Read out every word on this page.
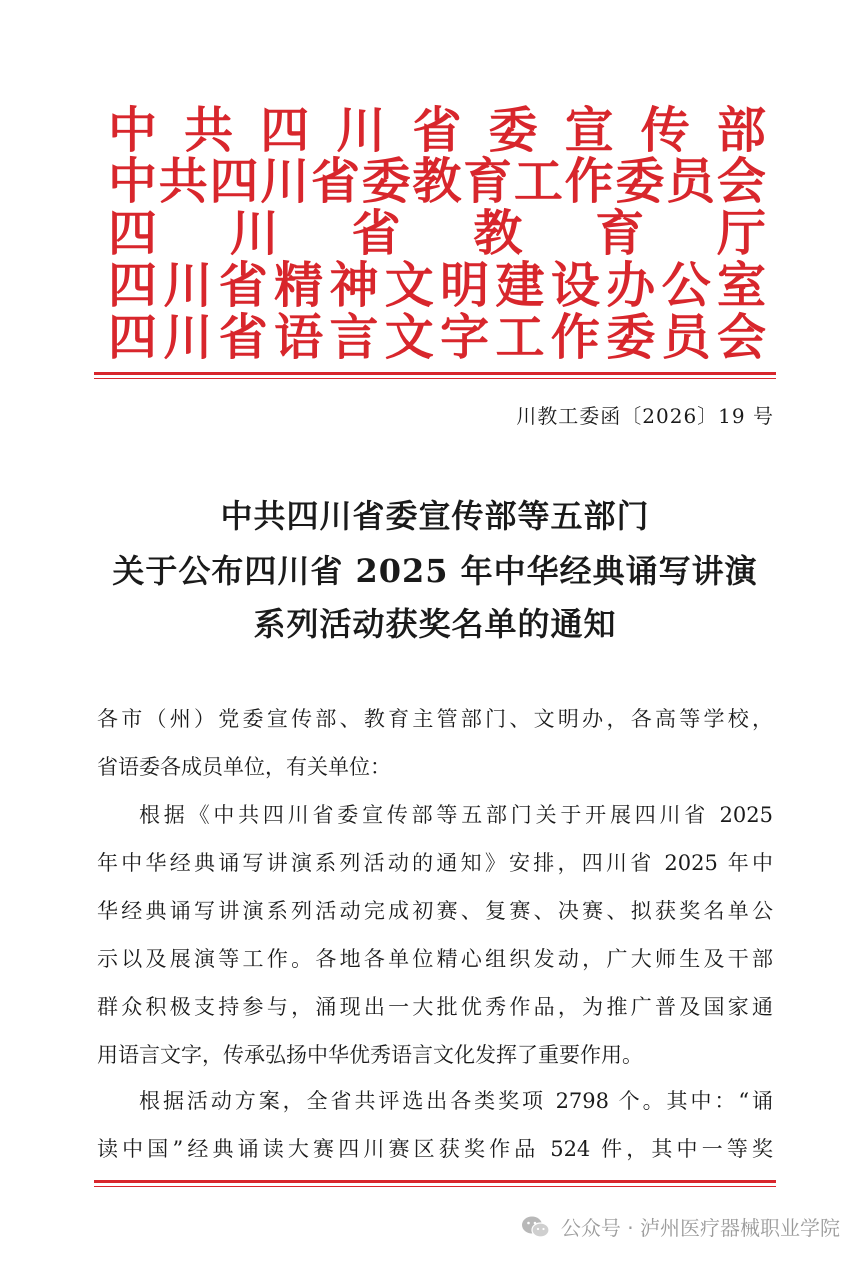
中 共 四 川 省 委 宣 传 部
中 共 四 川 省 委 教 育 工 作 委 员 会
四 川 省 教 育 厅
四 川 省 精 神 文 明 建 设 办 公 室
四 川 省 语 言 文 字 工 作 委 员 会
川教工委函〔2026〕19 号
中共四川省委宣传部等五部门
关于公布四川省 2025 年中华经典诵写讲演
系列活动获奖名单的通知
各市（州）党委宣传部、教育主管部门、文明办，各高等学校，
省语委各成员单位，有关单位：
根据《中共四川省委宣传部等五部门关于开展四川省 2025
年中华经典诵写讲演系列活动的通知》安排，四川省 2025 年中
华经典诵写讲演系列活动完成初赛、复赛、决赛、拟获奖名单公
示以及展演等工作。各地各单位精心组织发动，广大师生及干部
群众积极支持参与，涌现出一大批优秀作品，为推广普及国家通
用语言文字，传承弘扬中华优秀语言文化发挥了重要作用。
根据活动方案，全省共评选出各类奖项 2798 个。其中：“诵
读中国”经典诵读大赛四川赛区获奖作品 524 件，其中一等奖
公众号 · 泸州医疗器械职业学院
